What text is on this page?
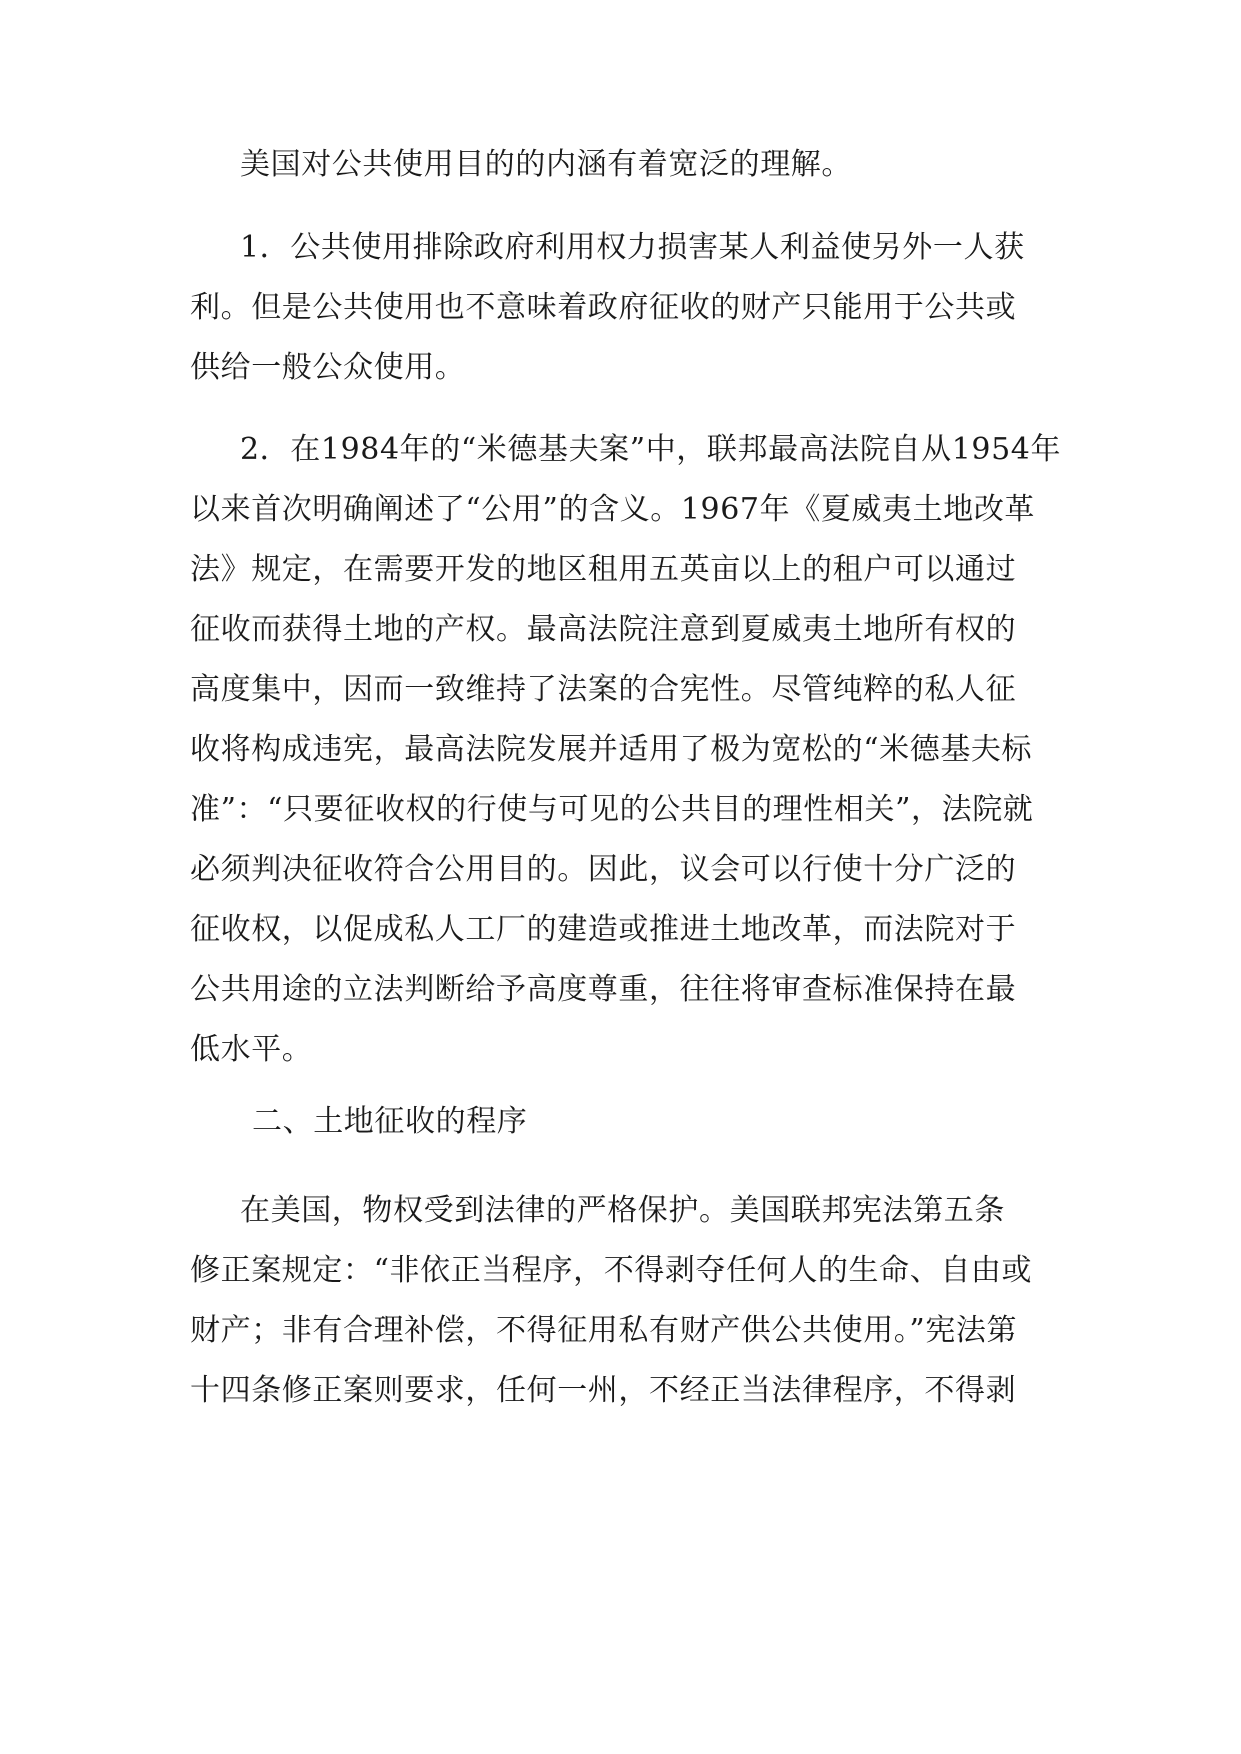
美国对公共使用目的的内涵有着宽泛的理解。
1．公共使用排除政府利用权力损害某人利益使另外一人获
利。但是公共使用也不意味着政府征收的财产只能用于公共或
供给一般公众使用。
2．在1984年的“米德基夫案”中，联邦最高法院自从1954年
以来首次明确阐述了“公用”的含义。1967年《夏威夷土地改革
法》规定，在需要开发的地区租用五英亩以上的租户可以通过
征收而获得土地的产权。最高法院注意到夏威夷土地所有权的
高度集中，因而一致维持了法案的合宪性。尽管纯粹的私人征
收将构成违宪，最高法院发展并适用了极为宽松的“米德基夫标
准”：“只要征收权的行使与可见的公共目的理性相关”，法院就
必须判决征收符合公用目的。因此，议会可以行使十分广泛的
征收权，以促成私人工厂的建造或推进土地改革，而法院对于
公共用途的立法判断给予高度尊重，往往将审查标准保持在最
低水平。
二、土地征收的程序
在美国，物权受到法律的严格保护。美国联邦宪法第五条
修正案规定：“非依正当程序，不得剥夺任何人的生命、自由或
财产；非有合理补偿，不得征用私有财产供公共使用。”宪法第
十四条修正案则要求，任何一州，不经正当法律程序，不得剥
